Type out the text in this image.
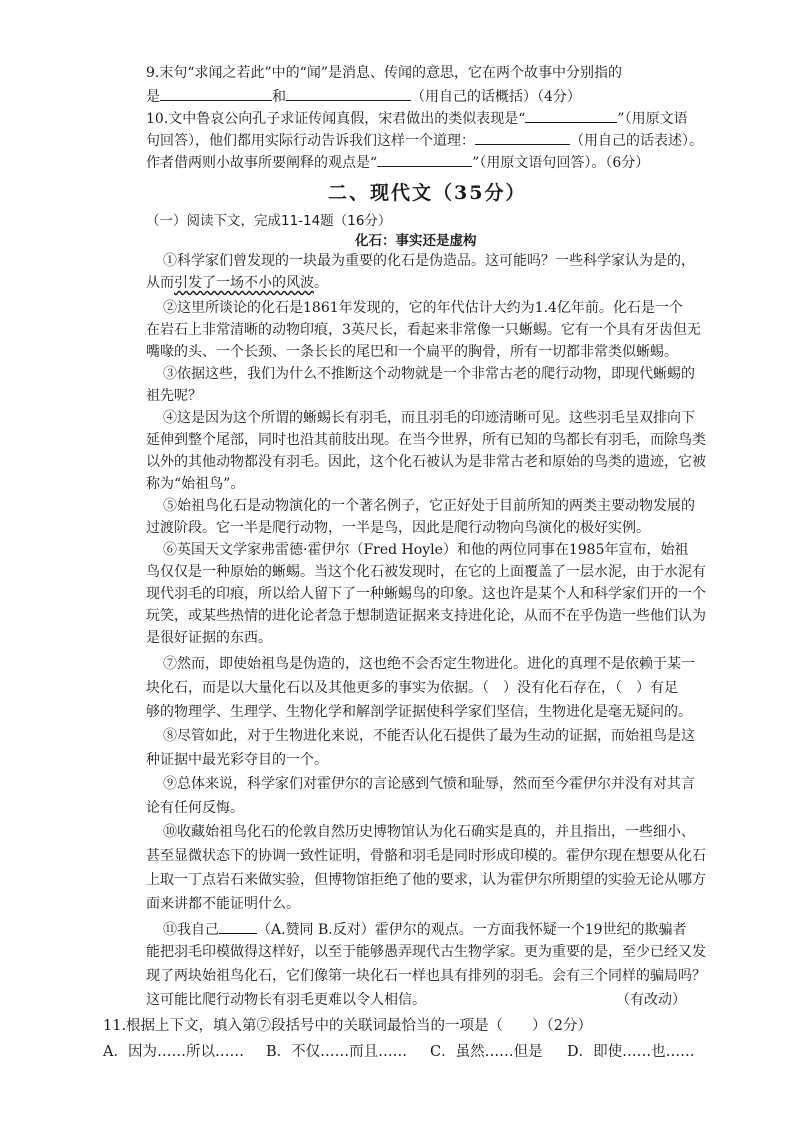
9.末句“求闻之若此”中的“闻”是消息、传闻的意思，它在两个故事中分别指的
是	和	（用自己的话概括）（4分）
10.文中鲁哀公向孔子求证传闻真假，宋君做出的类似表现是“	”（用原文语
句回答），他们都用实际行动告诉我们这样一个道理：	（用自己的话表述）。
作者借两则小故事所要阐释的观点是“	”（用原文语句回答）。（6分）
二、现代文（35分）
（一）阅读下文，完成11-14题（16分）
化石：事实还是虚构
①科学家们曾发现的一块最为重要的化石是伪造品。这可能吗？一些科学家认为是的，
从而引发了一场不小的风波。
②这里所谈论的化石是1861年发现的，它的年代估计大约为1.4亿年前。化石是一个
在岩石上非常清晰的动物印痕，3英尺长，看起来非常像一只蜥蜴。它有一个具有牙齿但无
嘴喙的头、一个长颈、一条长长的尾巴和一个扁平的胸骨，所有一切都非常类似蜥蜴。
③依据这些，我们为什么不推断这个动物就是一个非常古老的爬行动物，即现代蜥蜴的
祖先呢？
④这是因为这个所谓的蜥蜴长有羽毛，而且羽毛的印迹清晰可见。这些羽毛呈双排向下
延伸到整个尾部，同时也沿其前肢出现。在当今世界，所有已知的鸟都长有羽毛，而除鸟类
以外的其他动物都没有羽毛。因此，这个化石被认为是非常古老和原始的鸟类的遗迹，它被
称为“始祖鸟”。
⑤始祖鸟化石是动物演化的一个著名例子，它正好处于目前所知的两类主要动物发展的
过渡阶段。它一半是爬行动物，一半是鸟，因此是爬行动物向鸟演化的极好实例。
⑥英国天文学家弗雷德·霍伊尔（Fred Hoyle）和他的两位同事在1985年宣布，始祖
鸟仅仅是一种原始的蜥蜴。当这个化石被发现时，在它的上面覆盖了一层水泥，由于水泥有
现代羽毛的印痕，所以给人留下了一种蜥蜴鸟的印象。这也许是某个人和科学家们开的一个
玩笑，或某些热情的进化论者急于想制造证据来支持进化论，从而不在乎伪造一些他们认为
是很好证据的东西。
⑦然而，即使始祖鸟是伪造的，这也绝不会否定生物进化。进化的真理不是依赖于某一
块化石，而是以大量化石以及其他更多的事实为依据。（　）没有化石存在，（　）有足
够的物理学、生理学、生物化学和解剖学证据使科学家们坚信，生物进化是毫无疑问的。
⑧尽管如此，对于生物进化来说，不能否认化石提供了最为生动的证据，而始祖鸟是这
种证据中最光彩夺目的一个。
⑨总体来说，科学家们对霍伊尔的言论感到气愤和耻辱，然而至今霍伊尔并没有对其言
论有任何反悔。
⑩收藏始祖鸟化石的伦敦自然历史博物馆认为化石确实是真的，并且指出，一些细小、
甚至显微状态下的协调一致性证明，骨骼和羽毛是同时形成印模的。霍伊尔现在想要从化石
上取一丁点岩石来做实验，但博物馆拒绝了他的要求，认为霍伊尔所期望的实验无论从哪方
面来讲都不能证明什么。
⑪我自己	（A.赞同 B.反对）霍伊尔的观点。一方面我怀疑一个19世纪的欺骗者
能把羽毛印模做得这样好，以至于能够愚弄现代古生物学家。更为重要的是，至少已经又发
现了两块始祖鸟化石，它们像第一块化石一样也具有排列的羽毛。会有三个同样的骗局吗？
这可能比爬行动物长有羽毛更难以令人相信。	（有改动）
11.根据上下文，填入第⑦段括号中的关联词最恰当的一项是（　　）（2分）
A．因为……所以…… B．不仅……而且…… C．虽然……但是 D．即使……也……
